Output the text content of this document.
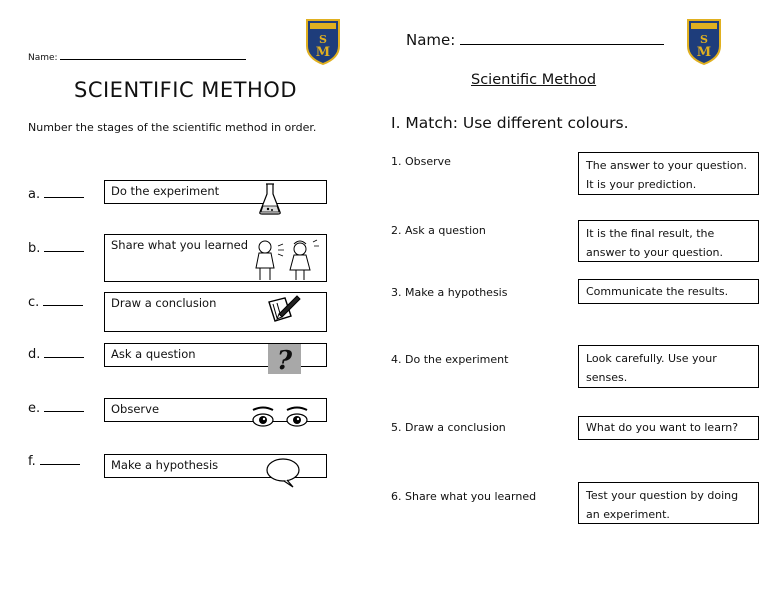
S
M
Name:
SCIENTIFIC METHOD
Number the stages of the scientific method in order.
a.	Do the experiment
b.	Share what you learned
c.	Draw a conclusion
d.	Ask a question	?
e.	Observe
f.	Make a hypothesis
S
M
Name:
Scientific Method
I. Match: Use different colours.
1. Observe
2. Ask a question
3. Make a hypothesis
4. Do the experiment
5. Draw a conclusion
6. Share what you learned
The answer to your question. It is your prediction.
It is the final result, the answer to your question.
Communicate the results.
Look carefully. Use your senses.
What do you want to learn?
Test your question by doing an experiment.
